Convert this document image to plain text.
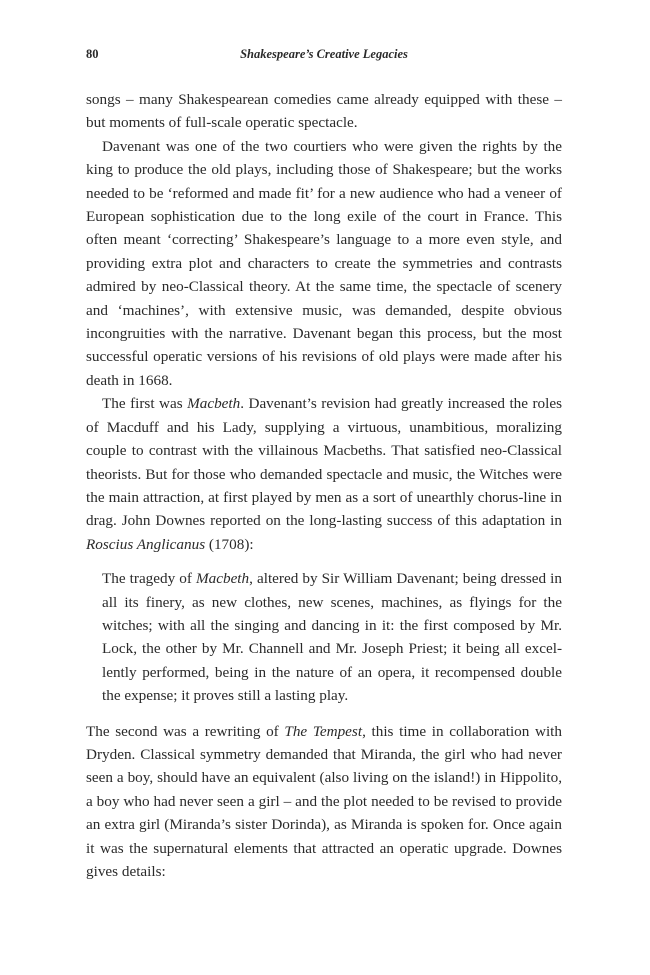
80	Shakespeare’s Creative Legacies

songs – many Shakespearean comedies came already equipped with these – but moments of full-scale operatic spectacle.

Davenant was one of the two courtiers who were given the rights by the king to produce the old plays, including those of Shakespeare; but the works needed to be ‘reformed and made fit’ for a new audience who had a veneer of European sophistication due to the long exile of the court in France. This often meant ‘correcting’ Shakespeare’s language to a more even style, and providing extra plot and characters to create the symmetries and contrasts admired by neo-Classical theory. At the same time, the spectacle of scenery and ‘machines’, with extensive music, was demanded, despite obvious incongruities with the narrative. Davenant began this process, but the most successful operatic versions of his revisions of old plays were made after his death in 1668.

The first was Macbeth. Davenant’s revision had greatly increased the roles of Macduff and his Lady, supplying a virtuous, unambitious, moralizing couple to contrast with the villainous Macbeths. That satisfied neo-Classical theorists. But for those who demanded spectacle and music, the Witches were the main attraction, at first played by men as a sort of unearthly chorus-line in drag. John Downes reported on the long-lasting success of this adaptation in Roscius Anglicanus (1708):

The tragedy of Macbeth, altered by Sir William Davenant; being dressed in all its finery, as new clothes, new scenes, machines, as flyings for the witches; with all the singing and dancing in it: the first composed by Mr. Lock, the other by Mr. Channell and Mr. Joseph Priest; it being all excellently performed, being in the nature of an opera, it recompensed double the expense; it proves still a lasting play.

The second was a rewriting of The Tempest, this time in collaboration with Dryden. Classical symmetry demanded that Miranda, the girl who had never seen a boy, should have an equivalent (also living on the island!) in Hippolito, a boy who had never seen a girl – and the plot needed to be revised to provide an extra girl (Miranda’s sister Dorinda), as Miranda is spoken for. Once again it was the supernatural elements that attracted an operatic upgrade. Downes gives details:
